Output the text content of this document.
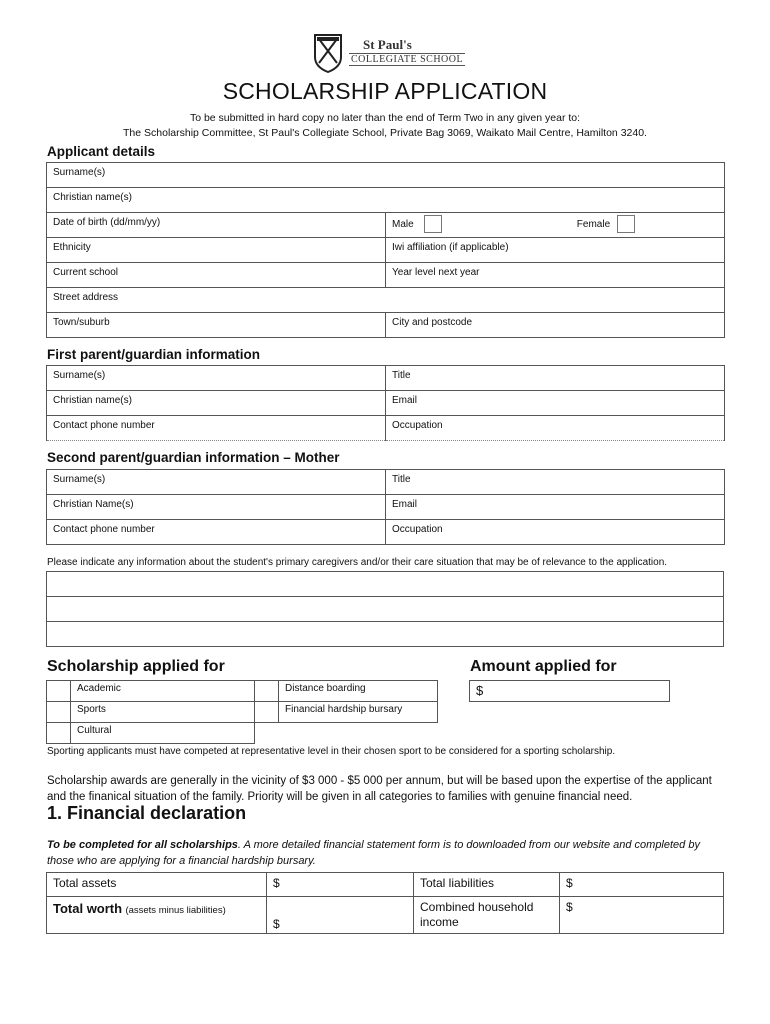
St Paul's
COLLEGIATE SCHOOL
SCHOLARSHIP APPLICATION
To be submitted in hard copy no later than the end of Term Two in any given year to:
The Scholarship Committee, St Paul's Collegiate School, Private Bag 3069, Waikato Mail Centre, Hamilton 3240.
Applicant details
Surname(s)	
Christian name(s)	
Date of birth (dd/mm/yy)	Male Female
Ethnicity	Iwi affiliation (if applicable)
Current school	Year level next year
Street address	
Town/suburb	City and postcode
First parent/guardian information
Surname(s)	Title
Christian name(s)	Email
Contact phone number	Occupation
Second parent/guardian information – Mother
Surname(s)	Title
Christian Name(s)	Email
Contact phone number	Occupation
Please indicate any information about the student's primary caregivers and/or their care situation that may be of relevance to the application.

Scholarship applied for	Amount applied for
$
	Academic		Distance boarding
	Sports		Financial hardship bursary
	Cultural		
Sporting applicants must have competed at representative level in their chosen sport to be considered for a sporting scholarship.
Scholarship awards are generally in the vicinity of $3 000 - $5 000 per annum, but will be based upon the expertise of the applicant and the finanical situation of the family. Priority will be given in all categories to families with genuine financial need.
1. Financial declaration
To be completed for all scholarships. A more detailed financial statement form is to downloaded from our website and completed by those who are applying for a financial hardship bursary.
Total assets	$	Total liabilities	$
Total worth (assets minus liabilities)	$	Combined household income	$
